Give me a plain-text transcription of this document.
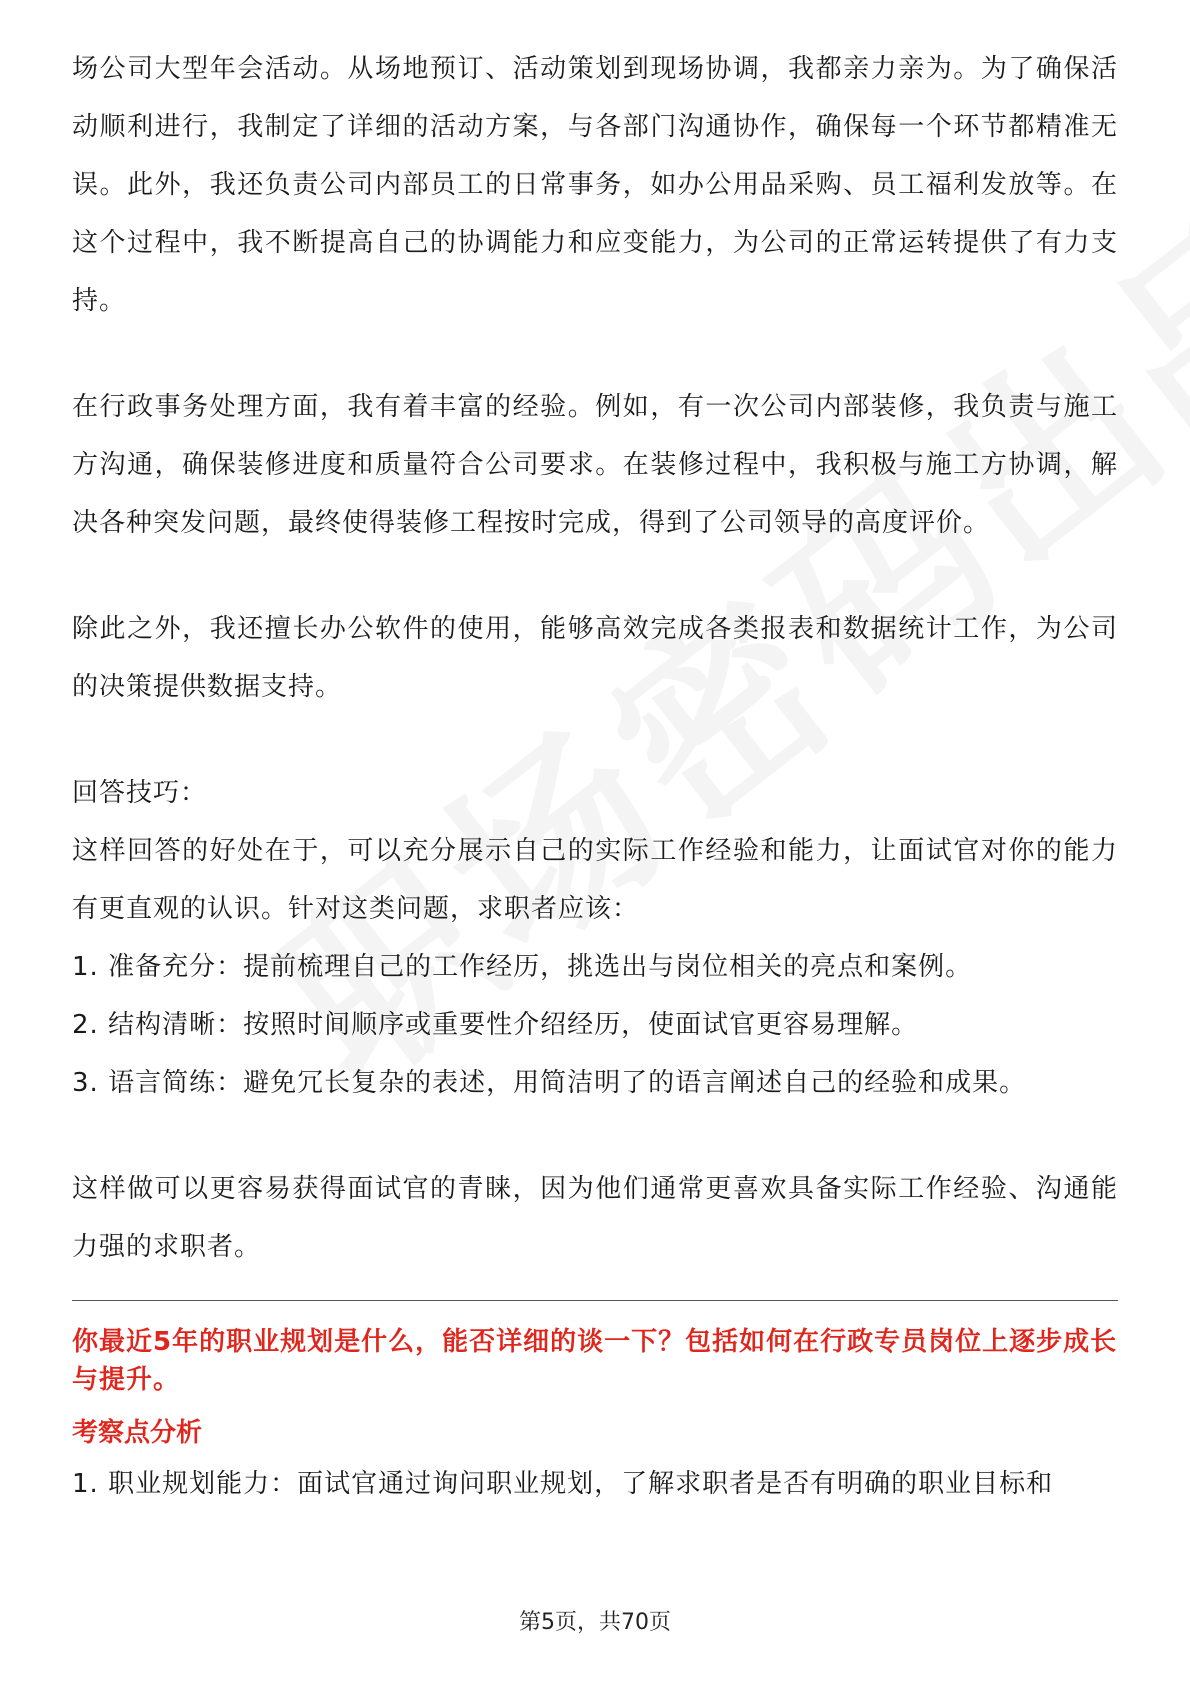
场公司大型年会活动。从场地预订、活动策划到现场协调，我都亲力亲为。为了确保活动顺利进行，我制定了详细的活动方案，与各部门沟通协作，确保每一个环节都精准无误。此外，我还负责公司内部员工的日常事务，如办公用品采购、员工福利发放等。在这个过程中，我不断提高自己的协调能力和应变能力，为公司的正常运转提供了有力支持。

在行政事务处理方面，我有着丰富的经验。例如，有一次公司内部装修，我负责与施工方沟通，确保装修进度和质量符合公司要求。在装修过程中，我积极与施工方协调，解决各种突发问题，最终使得装修工程按时完成，得到了公司领导的高度评价。

除此之外，我还擅长办公软件的使用，能够高效完成各类报表和数据统计工作，为公司的决策提供数据支持。

回答技巧：

这样回答的好处在于，可以充分展示自己的实际工作经验和能力，让面试官对你的能力有更直观的认识。针对这类问题，求职者应该：

1. 准备充分：提前梳理自己的工作经历，挑选出与岗位相关的亮点和案例。

2. 结构清晰：按照时间顺序或重要性介绍经历，使面试官更容易理解。

3. 语言简练：避免冗长复杂的表述，用简洁明了的语言阐述自己的经验和成果。

这样做可以更容易获得面试官的青睐，因为他们通常更喜欢具备实际工作经验、沟通能力强的求职者。

你最近5年的职业规划是什么，能否详细的谈一下？包括如何在行政专员岗位上逐步成长与提升。

考察点分析

1. 职业规划能力：面试官通过询问职业规划，了解求职者是否有明确的职业目标和

第5页，共70页
